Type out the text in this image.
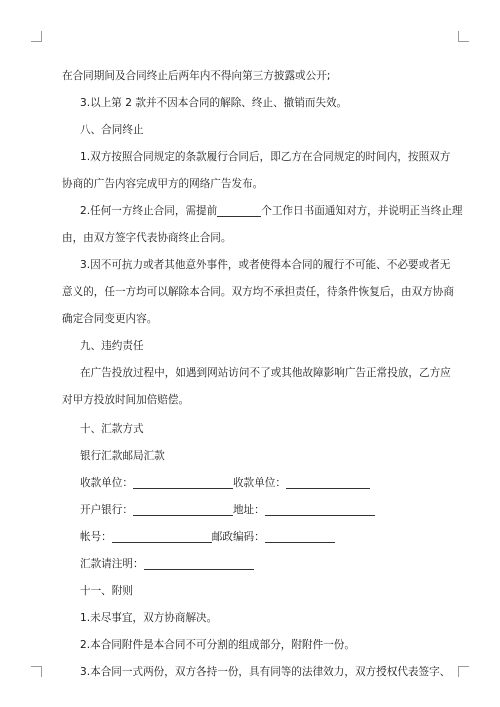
在合同期间及合同终止后两年内不得向第三方披露或公开;
3.以上第 2 款并不因本合同的解除、终止、撤销而失效。
八、合同终止
1.双方按照合同规定的条款履行合同后，即乙方在合同规定的时间内，按照双方
协商的广告内容完成甲方的网络广告发布。
2.任何一方终止合同，需提前	个工作日书面通知对方，并说明正当终止理
由，由双方签字代表协商终止合同。
3.因不可抗力或者其他意外事件，或者使得本合同的履行不可能、不必要或者无
意义的，任一方均可以解除本合同。双方均不承担责任，待条件恢复后，由双方协商
确定合同变更内容。
九、违约责任
在广告投放过程中，如遇到网站访问不了或其他故障影响广告正常投放，乙方应
对甲方投放时间加倍赔偿。
十、汇款方式
银行汇款邮局汇款
收款单位：	收款单位：
开户银行：	地址：
帐号：	邮政编码：
汇款请注明：
十一、附则
1.未尽事宜，双方协商解决。
2.本合同附件是本合同不可分割的组成部分，附附件一份。
3.本合同一式两份，双方各持一份，具有同等的法律效力，双方授权代表签字、
